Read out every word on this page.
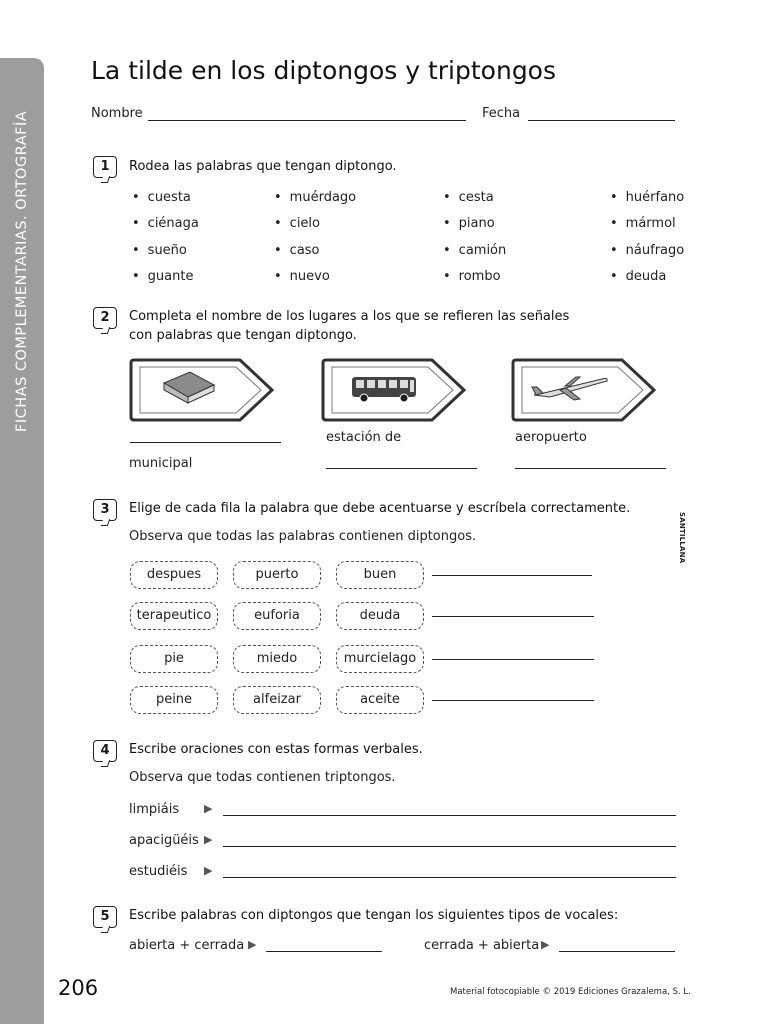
FICHAS COMPLEMENTARIAS. ORTOGRAFÍA
La tilde en los diptongos y triptongos
Nombre	Fecha
1	Rodea las palabras que tengan diptongo.
• cuesta
• ciénaga
• sueño
• guante
• muérdago
• cielo
• caso
• nuevo
• cesta
• piano
• camión
• rombo
• huérfano
• mármol
• náufrago
• deuda
2	Completa el nombre de los lugares a los que se refieren las señales
con palabras que tengan diptongo.
municipal
estación de	aeropuerto
SANTILLANA
3	Elige de cada fila la palabra que debe acentuarse y escríbela correctamente.
Observa que todas las palabras contienen diptongos.
despues	puerto	buen
terapeutico	euforia	deuda
pie	miedo	murcielago
peine	alfeizar	aceite
4	Escribe oraciones con estas formas verbales.
Observa que todas contienen triptongos.
limpiáis ▶
apacigüéis ▶
estudiéis ▶
5	Escribe palabras con diptongos que tengan los siguientes tipos de vocales:
abierta + cerrada ▶	cerrada + abierta ▶
206	Material fotocopiable © 2019 Ediciones Grazalema, S. L.
